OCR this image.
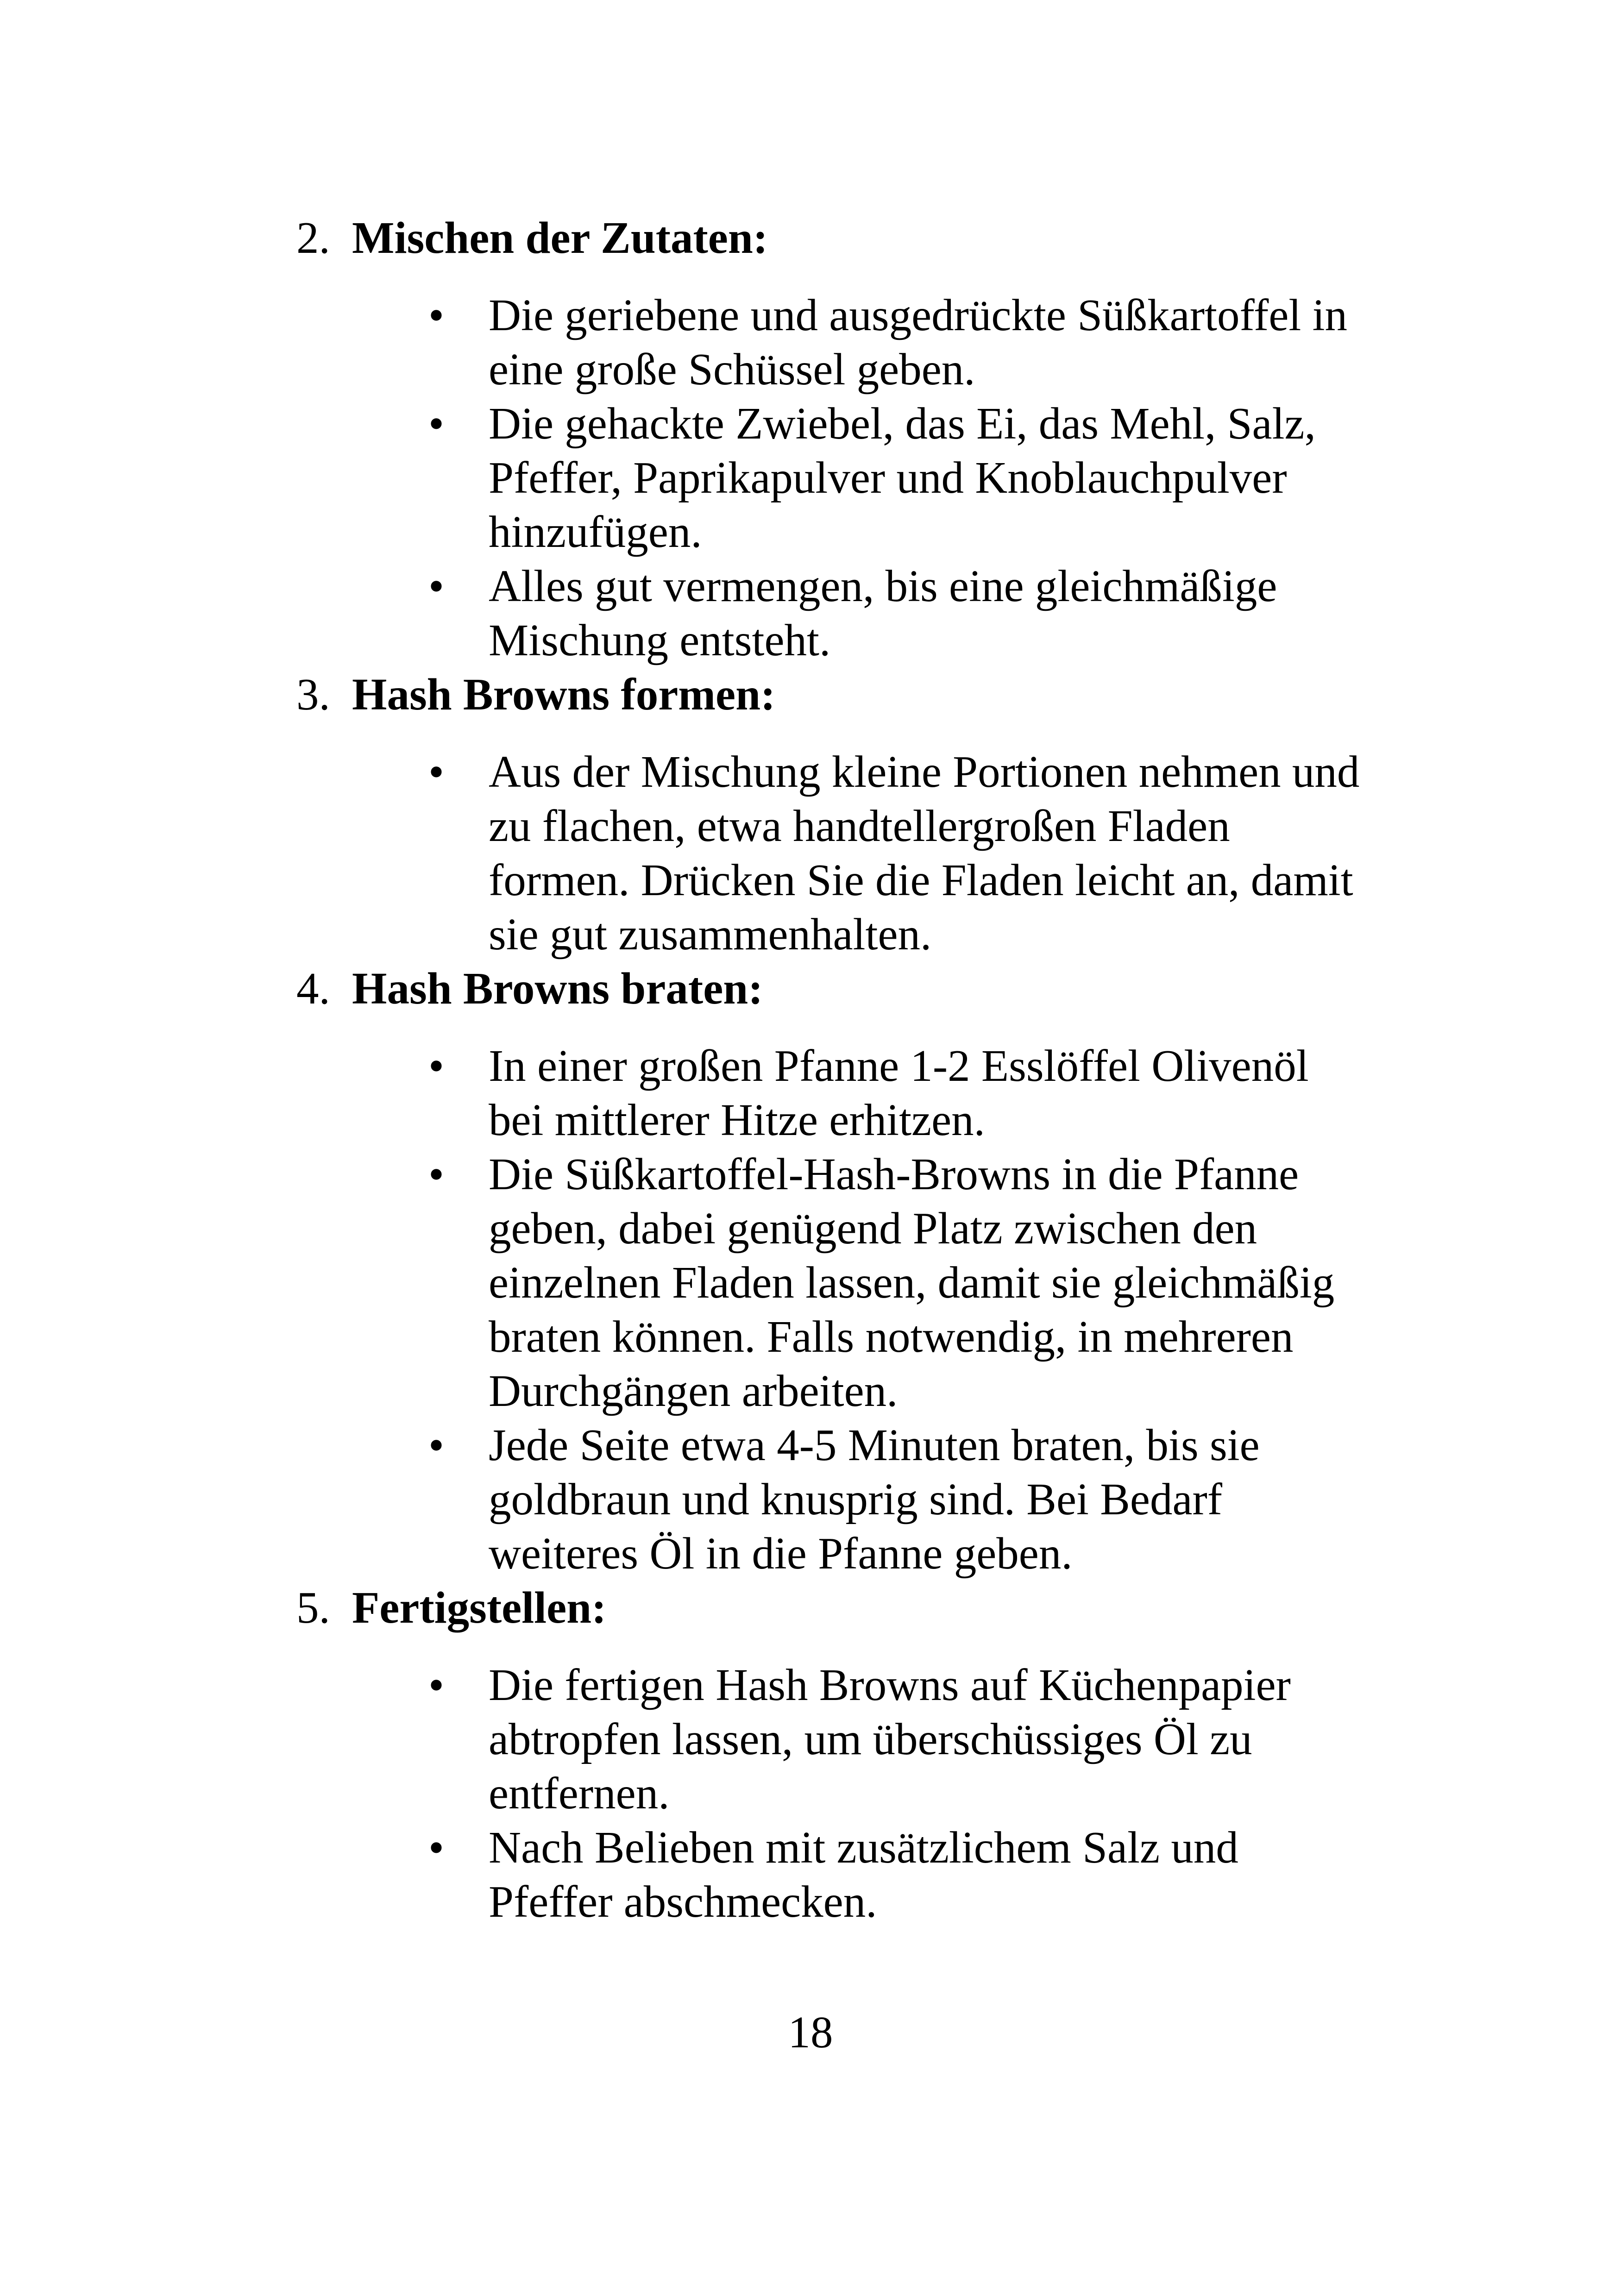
2. Mischen der Zutaten:
• Die geriebene und ausgedrückte Süßkartoffel in
eine große Schüssel geben.
• Die gehackte Zwiebel, das Ei, das Mehl, Salz,
Pfeffer, Paprikapulver und Knoblauchpulver
hinzufügen.
• Alles gut vermengen, bis eine gleichmäßige
Mischung entsteht.
3. Hash Browns formen:
• Aus der Mischung kleine Portionen nehmen und
zu flachen, etwa handtellergroßen Fladen
formen. Drücken Sie die Fladen leicht an, damit
sie gut zusammenhalten.
4. Hash Browns braten:
• In einer großen Pfanne 1-2 Esslöffel Olivenöl
bei mittlerer Hitze erhitzen.
• Die Süßkartoffel-Hash-Browns in die Pfanne
geben, dabei genügend Platz zwischen den
einzelnen Fladen lassen, damit sie gleichmäßig
braten können. Falls notwendig, in mehreren
Durchgängen arbeiten.
• Jede Seite etwa 4-5 Minuten braten, bis sie
goldbraun und knusprig sind. Bei Bedarf
weiteres Öl in die Pfanne geben.
5. Fertigstellen:
• Die fertigen Hash Browns auf Küchenpapier
abtropfen lassen, um überschüssiges Öl zu
entfernen.
• Nach Belieben mit zusätzlichem Salz und
Pfeffer abschmecken.
18
